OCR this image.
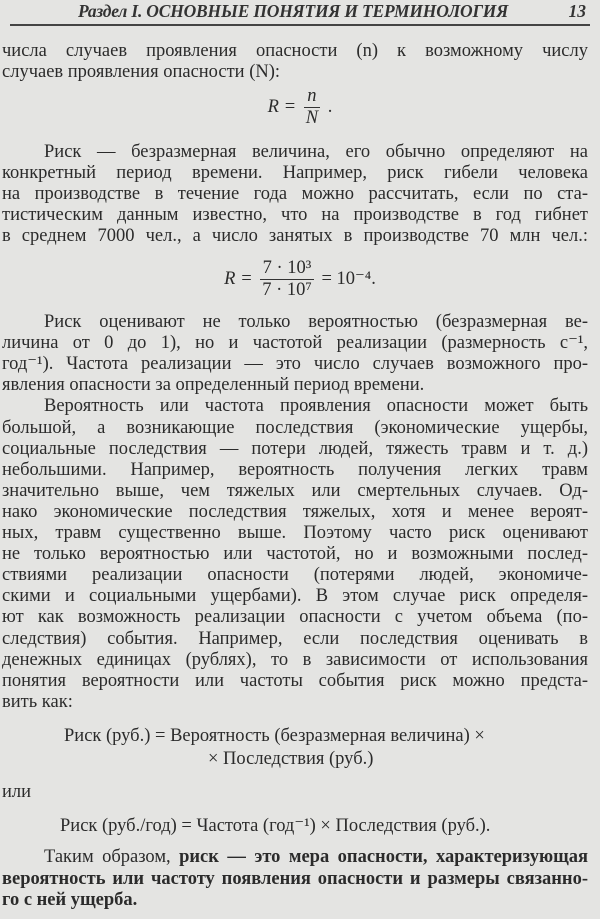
Раздел I. ОСНОВНЫЕ ПОНЯТИЯ И ТЕРМИНОЛОГИЯ	13
числа случаев проявления опасности (n) к возможному числу
случаев проявления опасности (N):
$R = \frac{n}{N}$ .
Риск — безразмерная величина, его обычно определяют на
конкретный период времени. Например, риск гибели человека
на производстве в течение года можно рассчитать, если по ста-
тистическим данным известно, что на производстве в год гибнет
в среднем 7000 чел., а число занятых в производстве 70 млн чел.:
$R = \frac{\text{7 · 10³}}{\text{7 · 10⁷}} = 10^{-4}$.
Риск оценивают не только вероятностью (безразмерная ве-
личина от 0 до 1), но и частотой реализации (размерность с⁻¹,
год⁻¹). Частота реализации — это число случаев возможного про-
явления опасности за определенный период времени.
Вероятность или частота проявления опасности может быть
большой, а возникающие последствия (экономические ущербы,
социальные последствия — потери людей, тяжесть травм и т. д.)
небольшими. Например, вероятность получения легких травм
значительно выше, чем тяжелых или смертельных случаев. Од-
нако экономические последствия тяжелых, хотя и менее вероят-
ных, травм существенно выше. Поэтому часто риск оценивают
не только вероятностью или частотой, но и возможными послед-
ствиями реализации опасности (потерями людей, экономиче-
скими и социальными ущербами). В этом случае риск определя-
ют как возможность реализации опасности с учетом объема (по-
следствия) события. Например, если последствия оценивать в
денежных единицах (рублях), то в зависимости от использования
понятия вероятности или частоты события риск можно предста-
вить как:
Риск (руб.) = Вероятность (безразмерная величина) ×
× Последствия (руб.)
или
Риск (руб./год) = Частота (год⁻¹) × Последствия (руб.).
Таким образом, риск — это мера опасности, характеризующая
вероятность или частоту появления опасности и размеры связанно-
го с ней ущерба.
